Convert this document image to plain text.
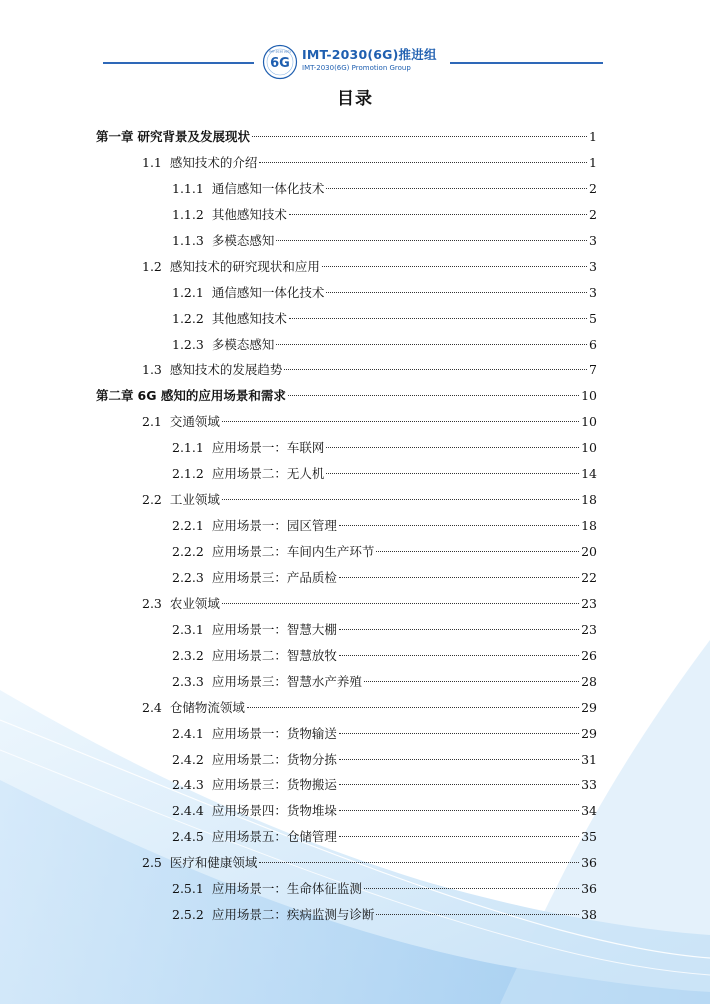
6G
IMT-2030 (6G) IMT-2030(6G)推进组
IMT-2030(6G) Promotion Group
目录
第一章 研究背景及发展现状	1
1.1 感知技术的介绍	1
1.1.1 通信感知一体化技术	2
1.1.2 其他感知技术	2
1.1.3 多模态感知	3
1.2 感知技术的研究现状和应用	3
1.2.1 通信感知一体化技术	3
1.2.2 其他感知技术	5
1.2.3 多模态感知	6
1.3 感知技术的发展趋势	7
第二章 6G 感知的应用场景和需求	10
2.1 交通领域	10
2.1.1 应用场景一：车联网	10
2.1.2 应用场景二：无人机	14
2.2 工业领域	18
2.2.1 应用场景一：园区管理	18
2.2.2 应用场景二：车间内生产环节	20
2.2.3 应用场景三：产品质检	22
2.3 农业领域	23
2.3.1 应用场景一：智慧大棚	23
2.3.2 应用场景二：智慧放牧	26
2.3.3 应用场景三：智慧水产养殖	28
2.4 仓储物流领域	29
2.4.1 应用场景一：货物输送	29
2.4.2 应用场景二：货物分拣	31
2.4.3 应用场景三：货物搬运	33
2.4.4 应用场景四：货物堆垛	34
2.4.5 应用场景五：仓储管理	35
2.5 医疗和健康领域	36
2.5.1 应用场景一：生命体征监测	36
2.5.2 应用场景二：疾病监测与诊断	38
